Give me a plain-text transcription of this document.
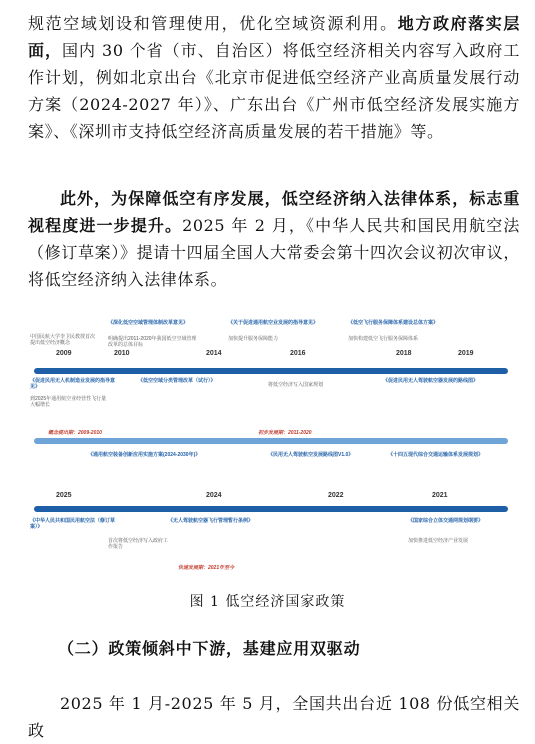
规范空域划设和管理使用，优化空域资源利用。地方政府落实层面，国内 30 个省（市、自治区）将低空经济相关内容写入政府工作计划，例如北京出台《北京市促进低空经济产业高质量发展行动方案（2024-2027 年）》、广东出台《广州市低空经济发展实施方案》、《深圳市支持低空经济高质量发展的若干措施》等。
此外，为保障低空有序发展，低空经济纳入法律体系，标志重视程度进一步提升。2025 年 2 月，《中华人民共和国民用航空法（修订草案）》提请十四届全国人大常委会第十四次会议初次审议，将低空经济纳入法律体系。
《深化低空空域管理体制改革意见》	《关于促进通用航空业发展的指导意见》	《低空飞行服务保障体系建设总体方案》
中国民航大学李卫民教授首次提出低空经济概念
明确提出2011-2020年我国低空空域管理改革的总体目标
加快提升服务保障能力	加快构建低空飞行服务保障体系
2009	2010	2014	2016	2018	2019
《促进民用无人机制造业发展的指导意见》
《低空空域分类管理改革（试行）》	《促进民用无人驾驶航空器发展的路线图》
到2025年通用航空业经营性飞行量大幅增长
将低空经济写入国家规划
概念提出期：2009-2010	初步发展期：2011-2020
《通用航空装备创新应用实施方案(2024-2030年)》	《民用无人驾驶航空发展路线图V1.0》	《十四五现代综合交通运输体系发展规划》
2025	2024	2022	2021
《中华人民共和国民用航空法（修订草案）》
《无人驾驶航空器飞行管理暂行条例》	《国家综合立体交通网规划纲要》
首次将低空经济写入政府工作报告
加快推进低空经济产业发展
快速发展期：2021年至今
图 1 低空经济国家政策
（二）政策倾斜中下游，基建应用双驱动
2025 年 1 月-2025 年 5 月，全国共出台近 108 份低空相关政
